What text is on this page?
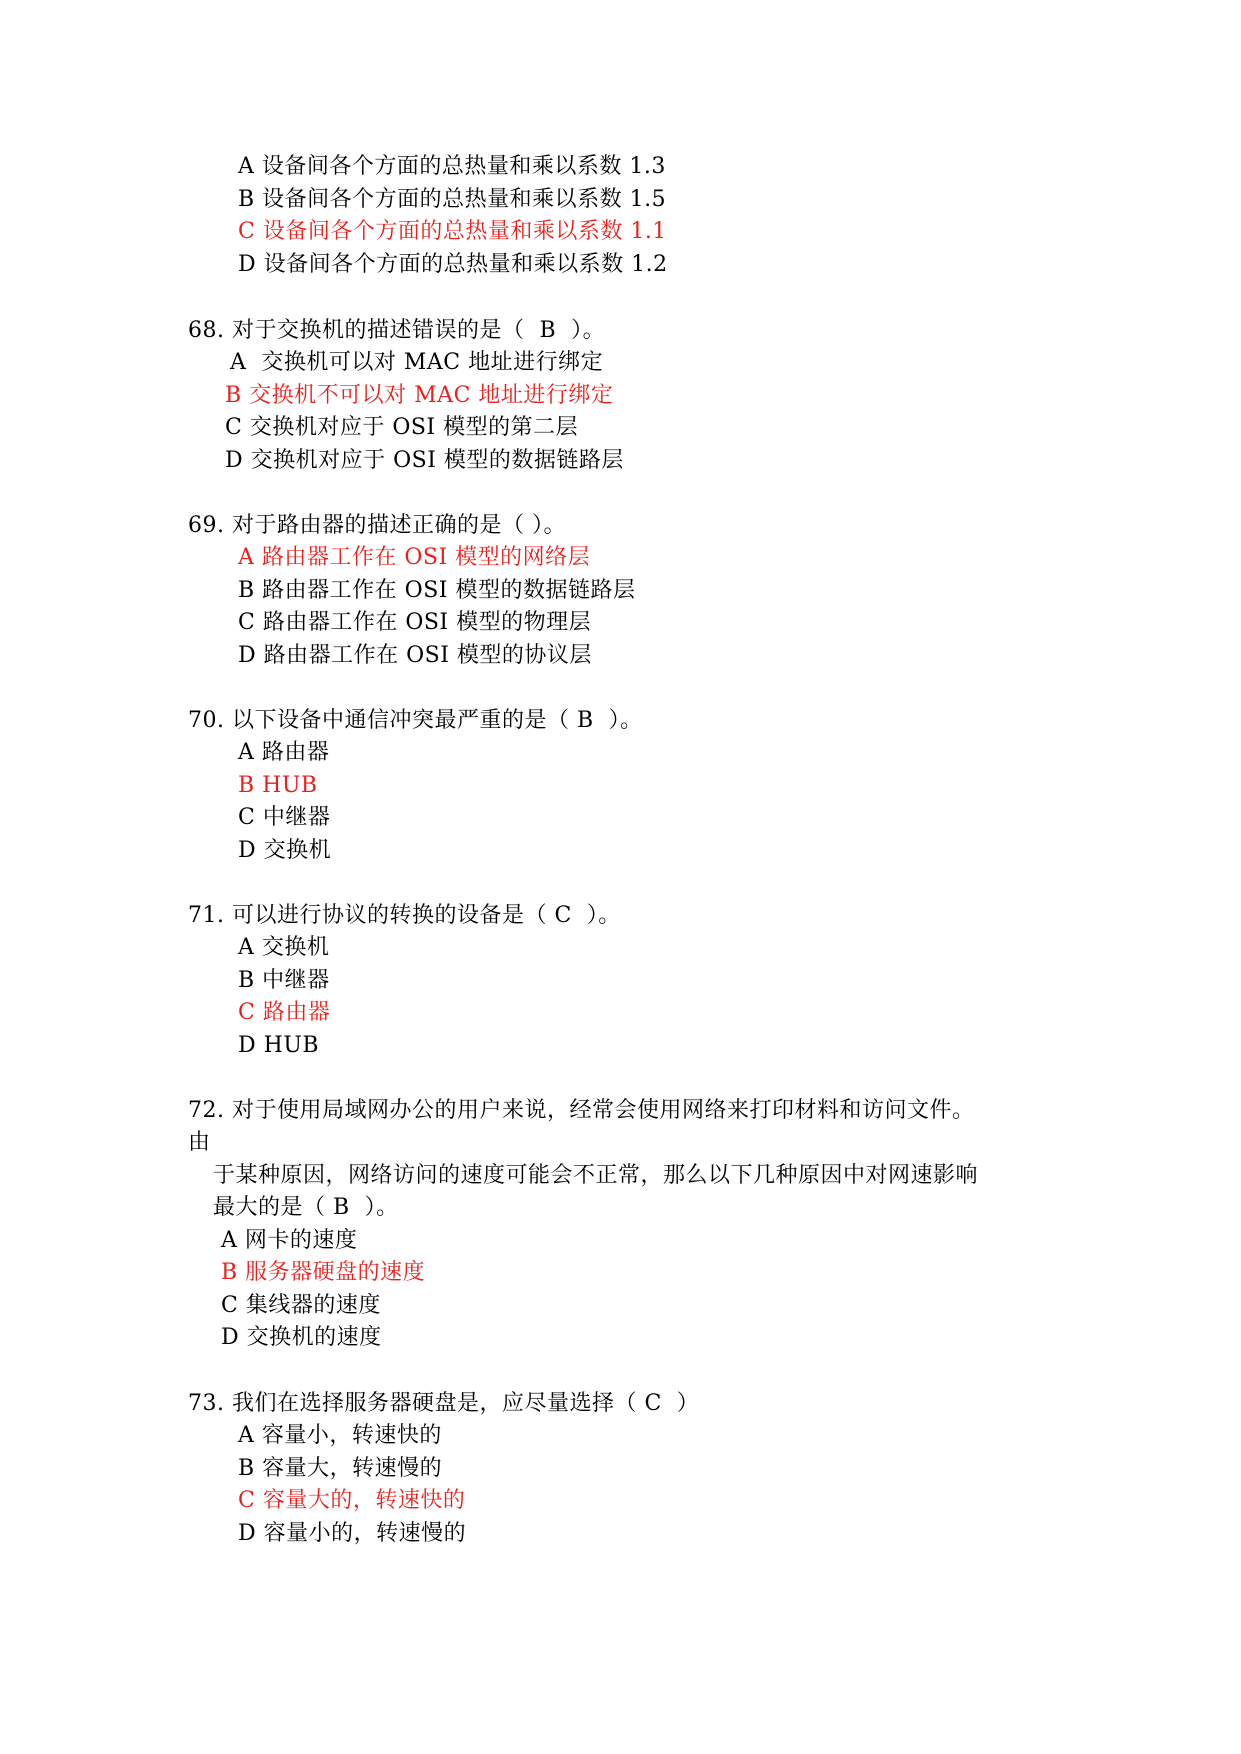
A 设备间各个方面的总热量和乘以系数 1.3
B 设备间各个方面的总热量和乘以系数 1.5
C 设备间各个方面的总热量和乘以系数 1.1
D 设备间各个方面的总热量和乘以系数 1.2
68. 对于交换机的描述错误的是（  B  ）。
A  交换机可以对 MAC 地址进行绑定
B 交换机不可以对 MAC 地址进行绑定
C 交换机对应于 OSI 模型的第二层
D 交换机对应于 OSI 模型的数据链路层
69. 对于路由器的描述正确的是（ ）。
A 路由器工作在 OSI 模型的网络层
B 路由器工作在 OSI 模型的数据链路层
C 路由器工作在 OSI 模型的物理层
D 路由器工作在 OSI 模型的协议层
70. 以下设备中通信冲突最严重的是（ B  ）。
A 路由器
B HUB
C 中继器
D 交换机
71. 可以进行协议的转换的设备是（ C  ）。
A 交换机
B 中继器
C 路由器
D HUB
72. 对于使用局域网办公的用户来说，经常会使用网络来打印材料和访问文件。
由
于某种原因，网络访问的速度可能会不正常，那么以下几种原因中对网速影响
最大的是（ B  ）。
A 网卡的速度
B 服务器硬盘的速度
C 集线器的速度
D 交换机的速度
73. 我们在选择服务器硬盘是，应尽量选择（ C  ）
A 容量小，转速快的
B 容量大，转速慢的
C 容量大的，转速快的
D 容量小的，转速慢的
